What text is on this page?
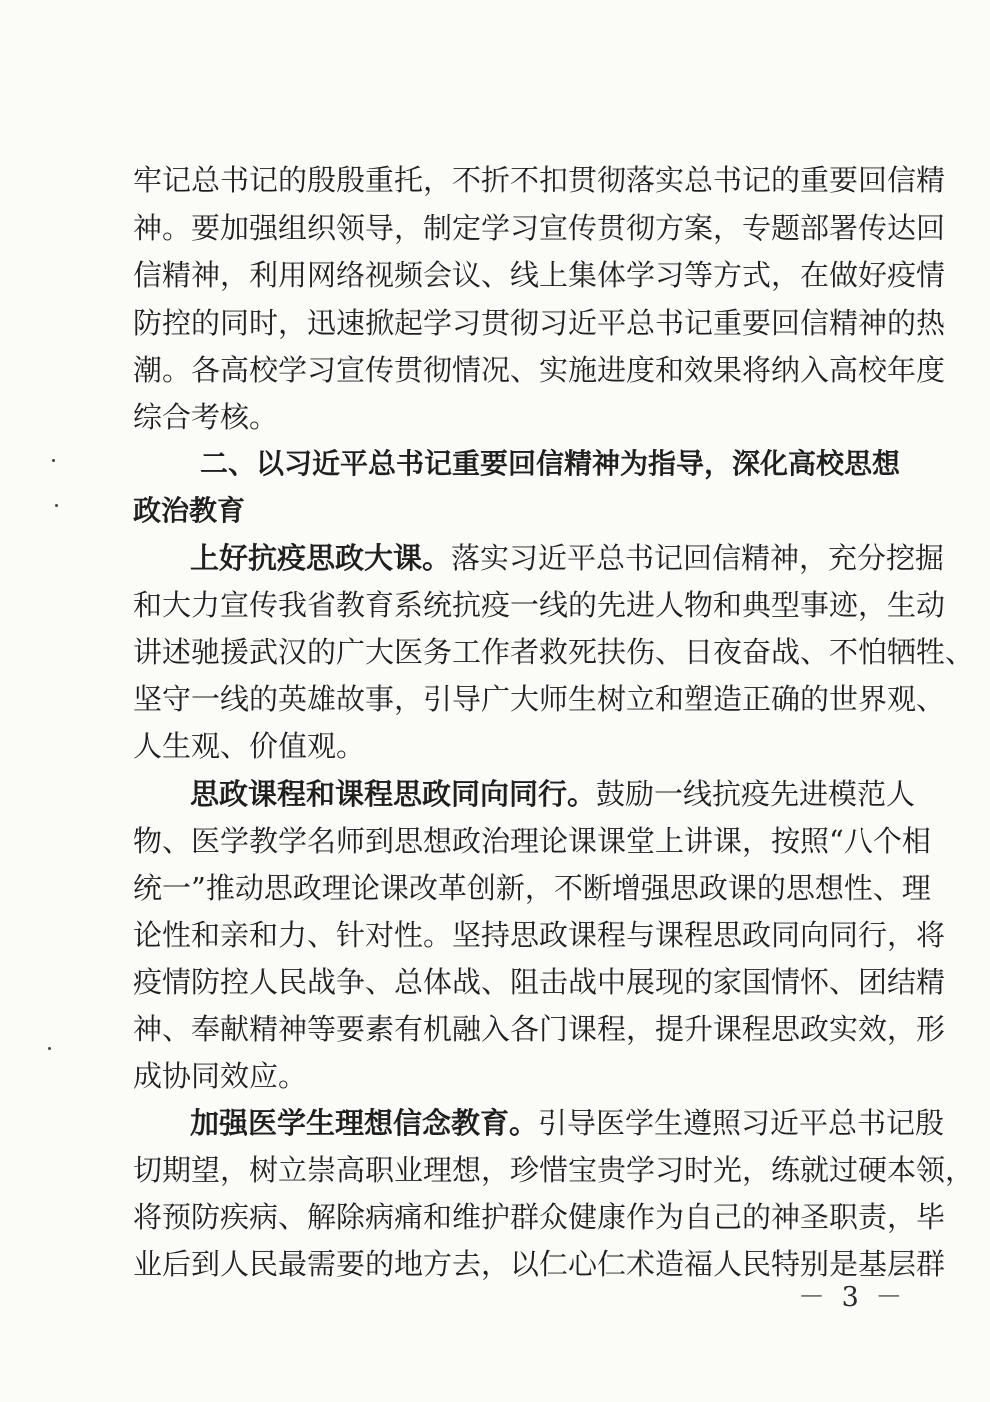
牢记总书记的殷殷重托，不折不扣贯彻落实总书记的重要回信精
神。要加强组织领导，制定学习宣传贯彻方案，专题部署传达回
信精神，利用网络视频会议、线上集体学习等方式，在做好疫情
防控的同时，迅速掀起学习贯彻习近平总书记重要回信精神的热
潮。各高校学习宣传贯彻情况、实施进度和效果将纳入高校年度
综合考核。
二、以习近平总书记重要回信精神为指导，深化高校思想
政治教育
上好抗疫思政大课。落实习近平总书记回信精神，充分挖掘
和大力宣传我省教育系统抗疫一线的先进人物和典型事迹，生动
讲述驰援武汉的广大医务工作者救死扶伤、日夜奋战、不怕牺牲、
坚守一线的英雄故事，引导广大师生树立和塑造正确的世界观、
人生观、价值观。
思政课程和课程思政同向同行。鼓励一线抗疫先进模范人
物、医学教学名师到思想政治理论课课堂上讲课，按照“八个相
统一”推动思政理论课改革创新，不断增强思政课的思想性、理
论性和亲和力、针对性。坚持思政课程与课程思政同向同行，将
疫情防控人民战争、总体战、阻击战中展现的家国情怀、团结精
神、奉献精神等要素有机融入各门课程，提升课程思政实效，形
成协同效应。
加强医学生理想信念教育。引导医学生遵照习近平总书记殷
切期望，树立崇高职业理想，珍惜宝贵学习时光，练就过硬本领，
将预防疾病、解除病痛和维护群众健康作为自己的神圣职责，毕
业后到人民最需要的地方去，以仁心仁术造福人民特别是基层群
－ 3 －
